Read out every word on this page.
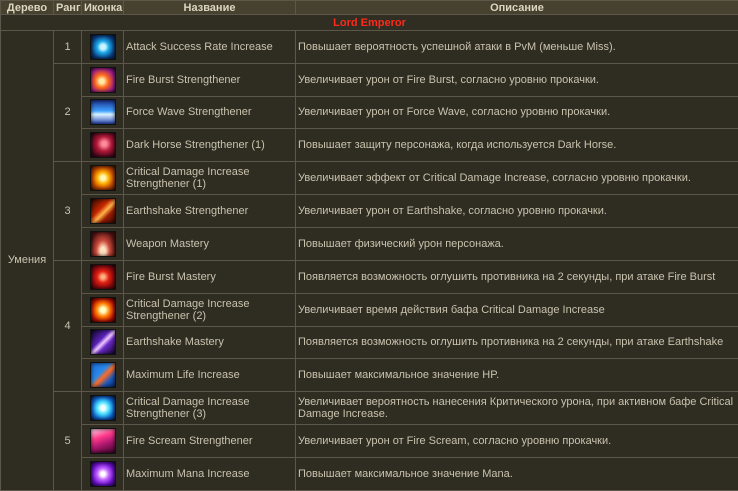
Дерево	Ранг	Иконка	Название	Описание
Lord Emperor				
Умения	1		Attack Success Rate Increase	Повышает вероятность успешной атаки в PvM (меньше Miss).
	2		Fire Burst Strengthener	Увеличивает урон от Fire Burst, согласно уровню прокачки.
			Force Wave Strengthener	Увеличивает урон от Force Wave, согласно уровню прокачки.
			Dark Horse Strengthener (1)	Повышает защиту персонажа, когда используется Dark Horse.
	3		Critical Damage Increase Strengthener (1)	Увеличивает эффект от Critical Damage Increase, согласно уровню прокачки.
			Earthshake Strengthener	Увеличивает урон от Earthshake, согласно уровню прокачки.
			Weapon Mastery	Повышает физический урон персонажа.
	4		Fire Burst Mastery	Появляется возможность оглушить противника на 2 секунды, при атаке Fire Burst
			Critical Damage Increase Strengthener (2)	Увеличивает время действия бафа Critical Damage Increase
			Earthshake Mastery	Появляется возможность оглушить противника на 2 секунды, при атаке Earthshake
			Maximum Life Increase	Повышает максимальное значение HP.
	5		Critical Damage Increase Strengthener (3)	Увеличивает вероятность нанесения Критического урона, при активном бафе Critical Damage Increase.
			Fire Scream Strengthener	Увеличивает урон от Fire Scream, согласно уровню прокачки.
			Maximum Mana Increase	Повышает максимальное значение Mana.
